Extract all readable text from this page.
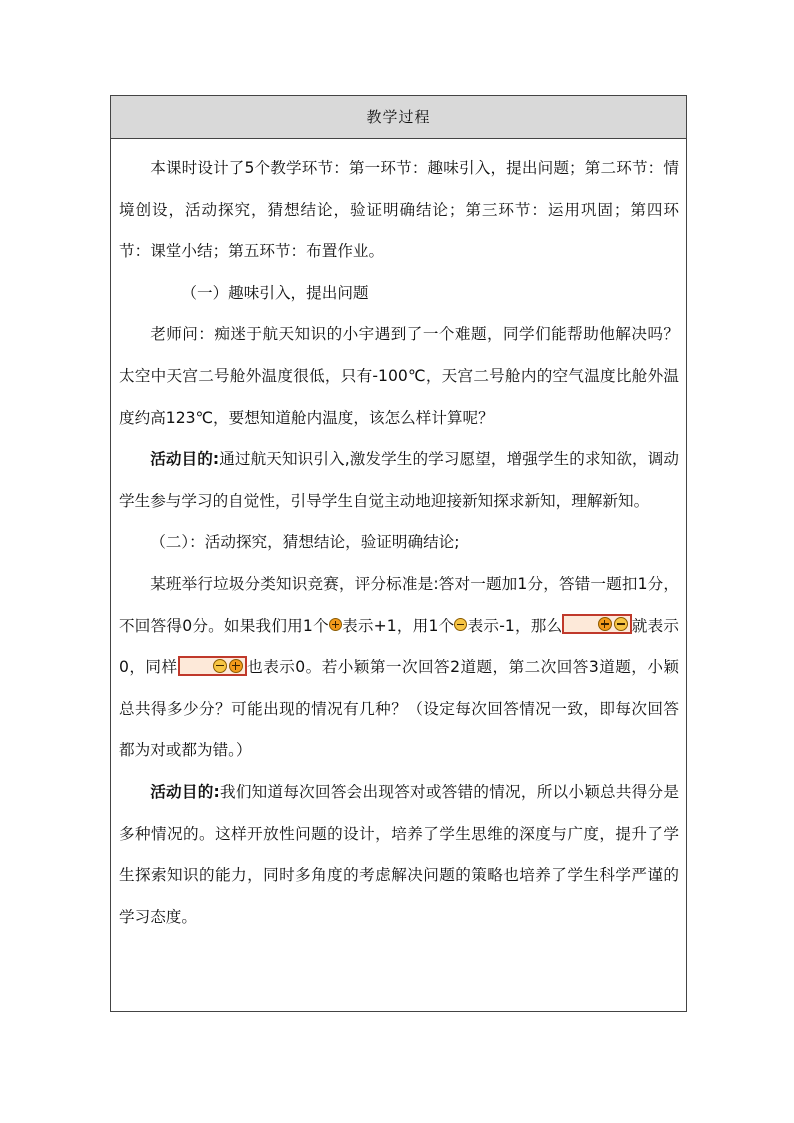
教学过程

本课时设计了5个教学环节：第一环节：趣味引入，提出问题；第二环节：情境创设，活动探究，猜想结论，验证明确结论；第三环节：运用巩固；第四环节：课堂小结；第五环节：布置作业。

（一）趣味引入，提出问题

老师问：痴迷于航天知识的小宇遇到了一个难题，同学们能帮助他解决吗？太空中天宫二号舱外温度很低，只有-100℃，天宫二号舱内的空气温度比舱外温度约高123℃，要想知道舱内温度，该怎么样计算呢？

活动目的:通过航天知识引入,激发学生的学习愿望，增强学生的求知欲，调动学生参与学习的自觉性，引导学生自觉主动地迎接新知探求新知，理解新知。

（二）：活动探究，猜想结论，验证明确结论;

某班举行垃圾分类知识竞赛，评分标准是:答对一题加1分，答错一题扣1分，不回答得0分。如果我们用1个 表示+1，用1个 表示-1，那么	就表示0，同样	也表示0。若小颖第一次回答2道题，第二次回答3道题，小颖总共得多少分？可能出现的情况有几种？（设定每次回答情况一致，即每次回答都为对或都为错。）

活动目的:我们知道每次回答会出现答对或答错的情况，所以小颖总共得分是多种情况的。这样开放性问题的设计，培养了学生思维的深度与广度，提升了学生探索知识的能力，同时多角度的考虑解决问题的策略也培养了学生科学严谨的学习态度。
